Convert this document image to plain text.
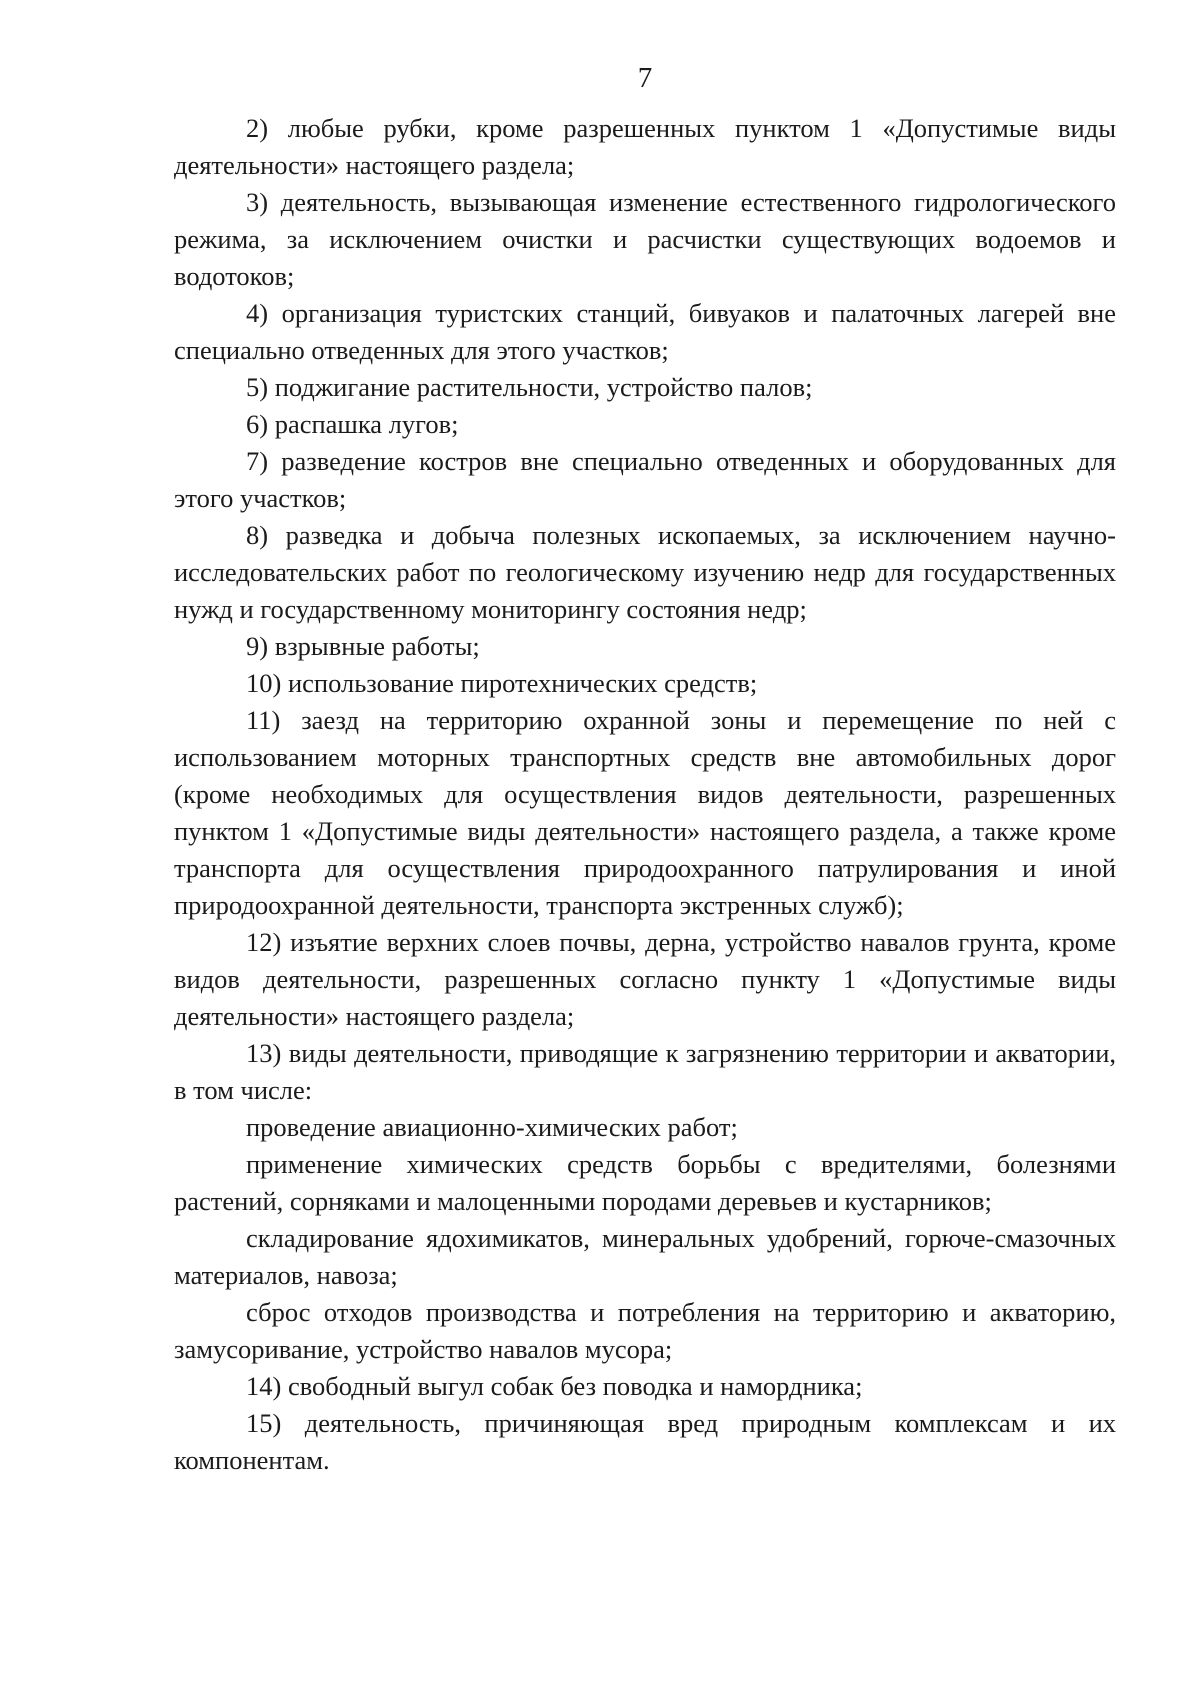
7

2) любые рубки, кроме разрешенных пунктом 1 «Допустимые виды деятельности» настоящего раздела;

3) деятельность, вызывающая изменение естественного гидрологического режима, за исключением очистки и расчистки существующих водоемов и водотоков;

4) организация туристских станций, бивуаков и палаточных лагерей вне специально отведенных для этого участков;

5) поджигание растительности, устройство палов;

6) распашка лугов;

7) разведение костров вне специально отведенных и оборудованных для этого участков;

8) разведка и добыча полезных ископаемых, за исключением научно-исследовательских работ по геологическому изучению недр для государственных нужд и государственному мониторингу состояния недр;

9) взрывные работы;

10) использование пиротехнических средств;

11) заезд на территорию охранной зоны и перемещение по ней с использованием моторных транспортных средств вне автомобильных дорог (кроме необходимых для осуществления видов деятельности, разрешенных пунктом 1 «Допустимые виды деятельности» настоящего раздела, а также кроме транспорта для осуществления природоохранного патрулирования и иной природоохранной деятельности, транспорта экстренных служб);

12) изъятие верхних слоев почвы, дерна, устройство навалов грунта, кроме видов деятельности, разрешенных согласно пункту 1 «Допустимые виды деятельности» настоящего раздела;

13) виды деятельности, приводящие к загрязнению территории и акватории, в том числе:

проведение авиационно-химических работ;

применение химических средств борьбы с вредителями, болезнями растений, сорняками и малоценными породами деревьев и кустарников;

складирование ядохимикатов, минеральных удобрений, горюче-смазочных материалов, навоза;

сброс отходов производства и потребления на территорию и акваторию, замусоривание, устройство навалов мусора;

14) свободный выгул собак без поводка и намордника;

15) деятельность, причиняющая вред природным комплексам и их компонентам.
